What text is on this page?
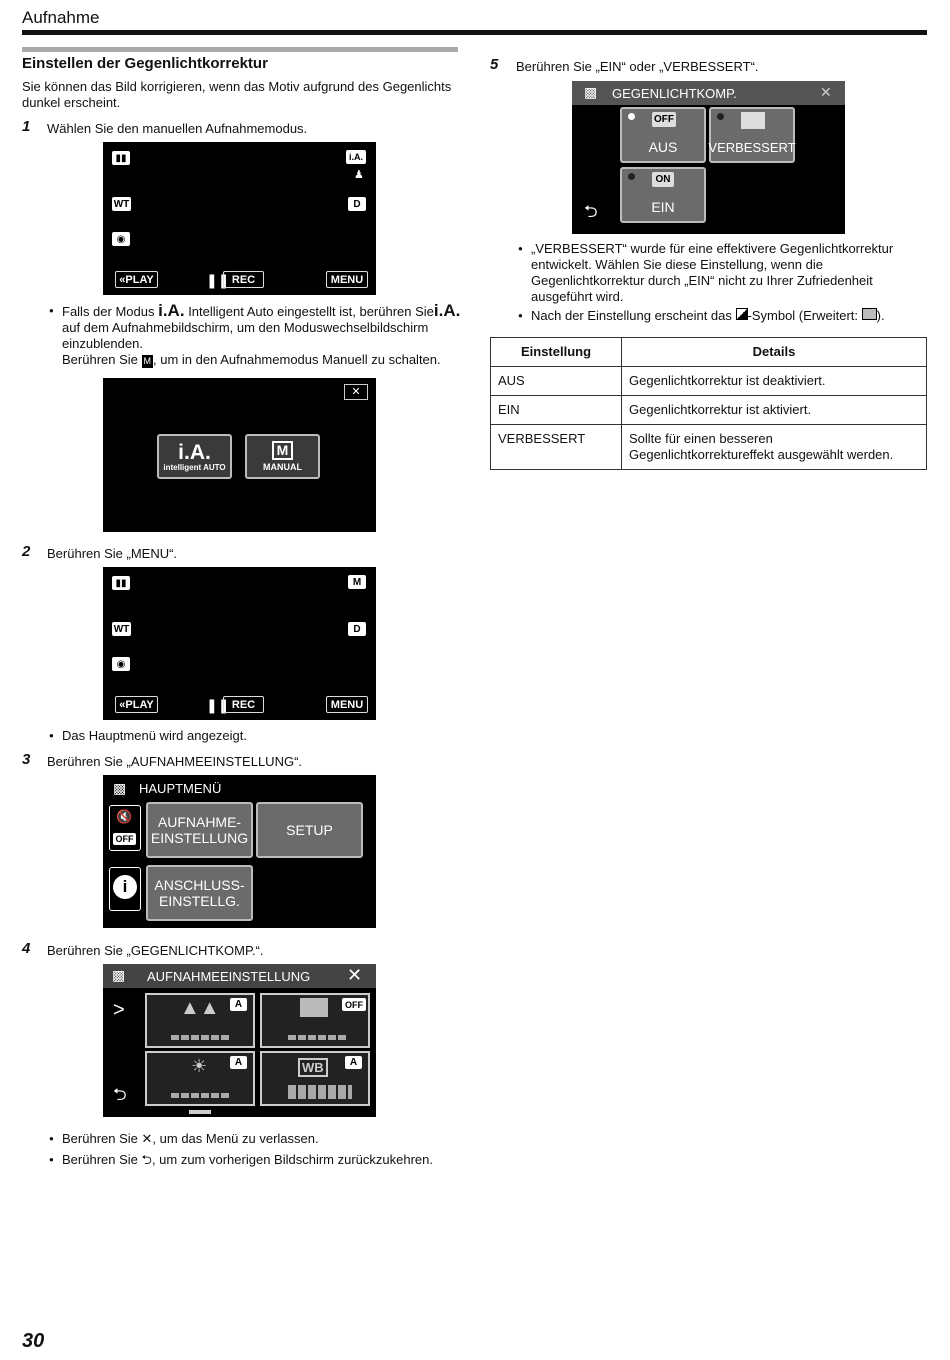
Aufnahme
Einstellen der Gegenlichtkorrektur
Sie können das Bild korrigieren, wenn das Motiv aufgrund des Gegenlichts dunkel erscheint.
1 Wählen Sie den manuellen Aufnahmemodus.
▮▮	i.A.
♟
WT	D
◉
« PLAY	❚❚ REC	MENU
● Falls der Modus i.A. Intelligent Auto eingestellt ist, berühren Siei.A. auf dem Aufnahmebildschirm, um den Moduswechselbildschirm einzublenden.
Berühren Sie M , um in den Aufnahmemodus Manuell zu schalten.
✕
i.A.
intelligent AUTO
M
MANUAL
2 Berühren Sie „MENU“.
▮▮	M
WT	D
◉
« PLAY	❚❚ REC	MENU
● Das Hauptmenü wird angezeigt.
3 Berühren Sie „AUFNAHMEEINSTELLUNG“.
▩ HAUPTMENÜ
🔇
OFF
i
AUFNAHME-
EINSTELLUNG	SETUP
ANSCHLUSS-
EINSTELLG.
4 Berühren Sie „GEGENLICHTKOMP.“.
▩ AUFNAHMEEINSTELLUNG ✕
>
⮌
▲▲	A	OFF
☀	A	WB	A
● Berühren Sie ✕, um das Menü zu verlassen.
● Berühren Sie ⮌, um zum vorherigen Bildschirm zurückzukehren.
5 Berühren Sie „EIN“ oder „VERBESSERT“.
▩ GEGENLICHTKOMP.	✕
OFF
AUS VERBESSERT
ON
EIN
⮌
● „VERBESSERT“ wurde für eine effektivere Gegenlichtkorrektur entwickelt. Wählen Sie diese Einstellung, wenn die Gegenlichtkorrektur durch „EIN“ nicht zu Ihrer Zufriedenheit ausgeführt wird.
● Nach der Einstellung erscheint das -Symbol (Erweitert: ).
Einstellung	Details
AUS	Gegenlichtkorrektur ist deaktiviert.
EIN	Gegenlichtkorrektur ist aktiviert.
VERBESSERT	Sollte für einen besseren Gegenlichtkorrektureffekt ausgewählt werden.
30
